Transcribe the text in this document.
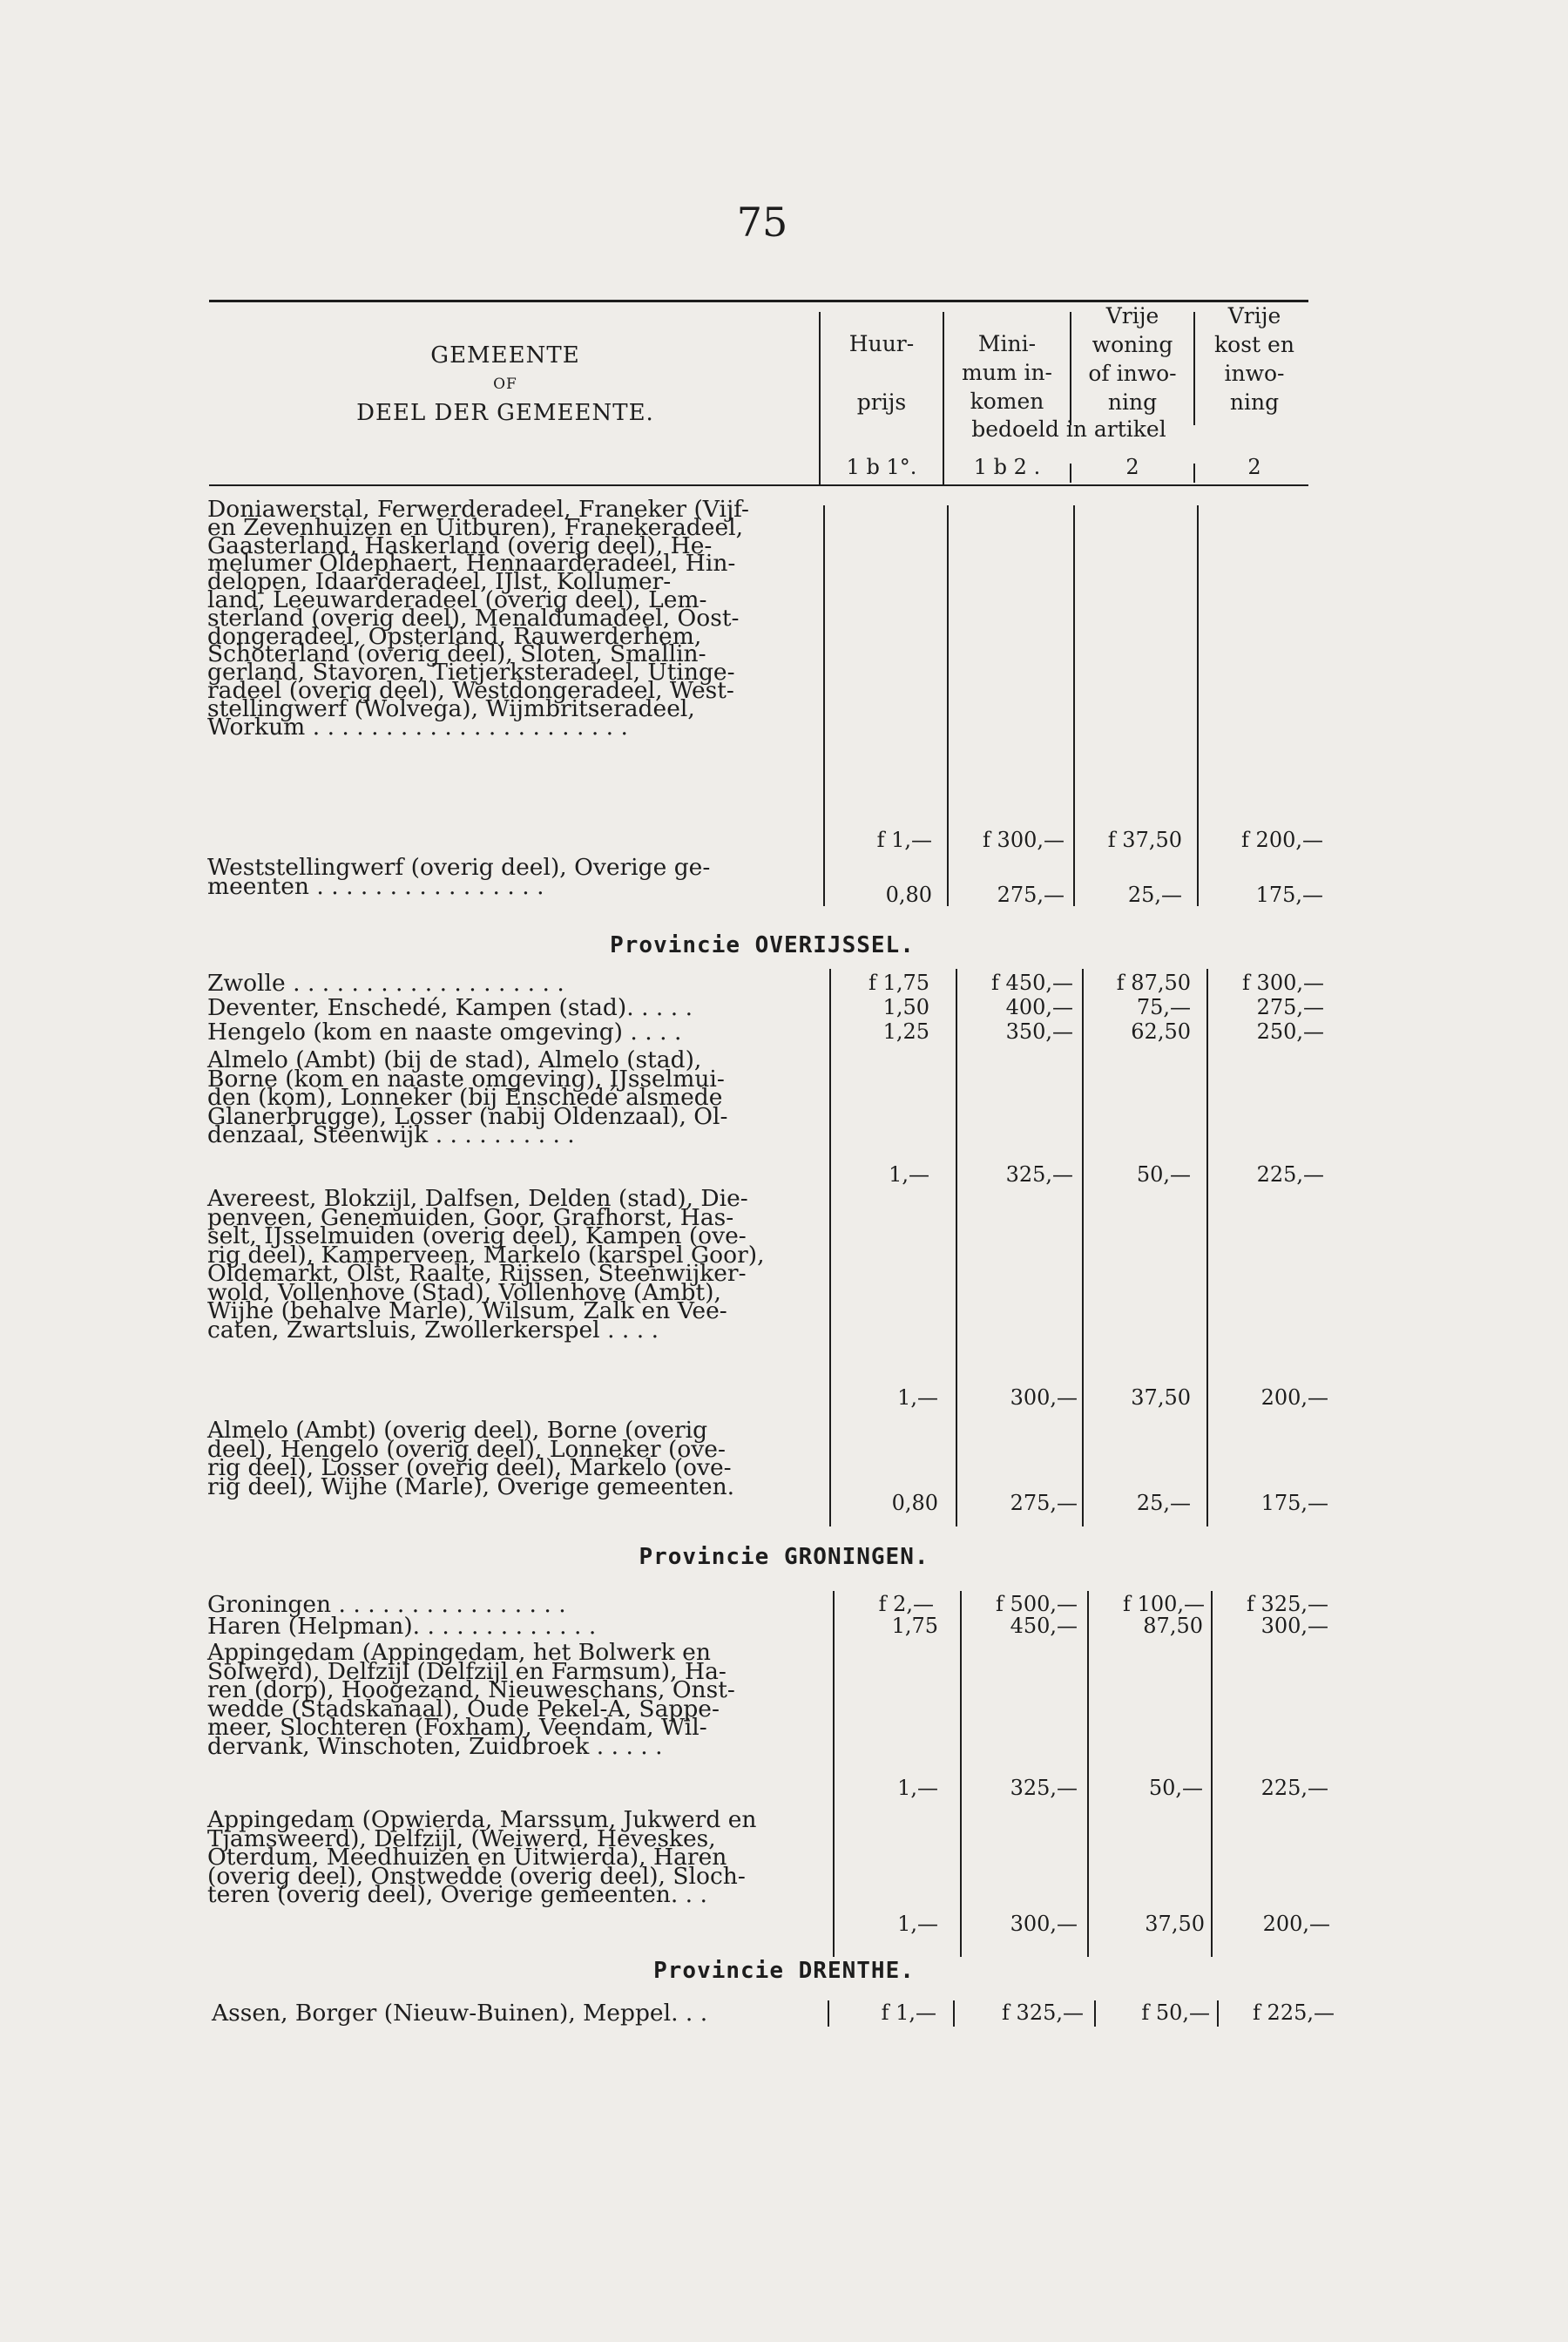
75
GEMEENTE
OF
DEEL DER GEMEENTE.
Huur-
prijs
Mini-
mum in-
komen
Vrije
woning
of inwo-
ning
Vrije
kost en
inwo-
ning
bedoeld in artikel
1 b 1°.	1 b 2 .	2	2
Doniawerstal, Ferwerderadeel, Franeker (Vijf-
en Zevenhuizen en Uitburen), Franekeradeel,
Gaasterland, Haskerland (overig deel), He-
melumer Oldephaert, Hennaarderadeel, Hin-
delopen, Idaarderadeel, IJlst, Kollumer-
land, Leeuwarderadeel (overig deel), Lem-
sterland (overig deel), Menaldumadeel, Oost-
dongeradeel, Opsterland, Rauwerderhem,
Schoterland (overig deel), Sloten, Smallin-
gerland, Stavoren, Tietjerksteradeel, Utinge-
radeel (overig deel), Westdongeradeel, West-
stellingwerf (Wolvega), Wijmbritseradeel,
Workum . . . . . . . . . . . . . . . . . . . . . .
f 1,—	f 300,—	f 37,50	f 200,—
Weststellingwerf (overig deel), Overige ge-
meenten . . . . . . . . . . . . . . . .	0,80	275,—	25,—	175,—
Provincie OVERIJSSEL.
Zwolle . . . . . . . . . . . . . . . . . . .	f 1,75	f 450,—	f 87,50	f 300,—
Deventer, Enschedé, Kampen (stad). . . . .	1,50	400,—	75,—	275,—
Hengelo (kom en naaste omgeving) . . . .	1,25	350,—	62,50	250,—
Almelo (Ambt) (bij de stad), Almelo (stad),
Borne (kom en naaste omgeving), IJsselmui-
den (kom), Lonneker (bij Enschedé alsmede
Glanerbrugge), Losser (nabij Oldenzaal), Ol-
denzaal, Steenwijk . . . . . . . . . .
1,—	325,—	50,—	225,—
Avereest, Blokzijl, Dalfsen, Delden (stad), Die-
penveen, Genemuiden, Goor, Grafhorst, Has-
selt, IJsselmuiden (overig deel), Kampen (ove-
rig deel), Kamperveen, Markelo (karspel Goor),
Oldemarkt, Olst, Raalte, Rijssen, Steenwijker-
wold, Vollenhove (Stad), Vollenhove (Ambt),
Wijhe (behalve Marle), Wilsum, Zalk en Vee-
caten, Zwartsluis, Zwollerkerspel . . . .
1,—	300,—	37,50	200,—
Almelo (Ambt) (overig deel), Borne (overig
deel), Hengelo (overig deel), Lonneker (ove-
rig deel), Losser (overig deel), Markelo (ove-
rig deel), Wijhe (Marle), Overige gemeenten.
0,80	275,—	25,—	175,—
Provincie GRONINGEN.
Groningen . . . . . . . . . . . . . . . .	f 2,—	f 500,—	f 100,—	f 325,—
Haren (Helpman). . . . . . . . . . . . .	1,75	450,—	87,50	300,—
Appingedam (Appingedam, het Bolwerk en
Solwerd), Delfzijl (Delfzijl en Farmsum), Ha-
ren (dorp), Hoogezand, Nieuweschans, Onst-
wedde (Stadskanaal), Oude Pekel-A, Sappe-
meer, Slochteren (Foxham), Veendam, Wil-
dervank, Winschoten, Zuidbroek . . . . .
1,—	325,—	50,—	225,—
Appingedam (Opwierda, Marssum, Jukwerd en
Tjamsweerd), Delfzijl, (Weiwerd, Heveskes,
Oterdum, Meedhuizen en Uitwierda), Haren
(overig deel), Onstwedde (overig deel), Sloch-
teren (overig deel), Overige gemeenten. . .
1,—	300,—	37,50	200,—
Provincie DRENTHE.
Assen, Borger (Nieuw-Buinen), Meppel. . .	f 1,—	f 325,—	f 50,—	f 225,—
